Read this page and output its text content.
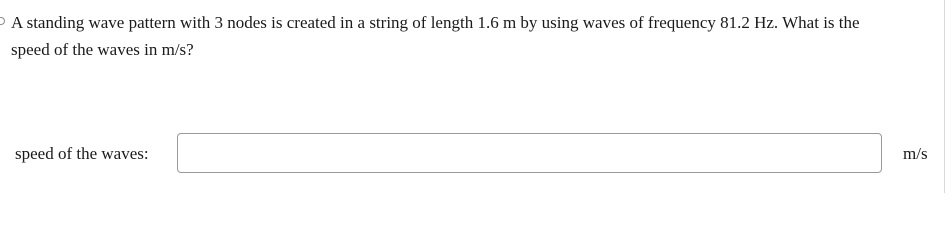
A standing wave pattern with 3 nodes is created in a string of length 1.6 m by using waves of frequency 81.2 Hz. What is the
speed of the waves in m/s?

speed of the waves:	m/s
